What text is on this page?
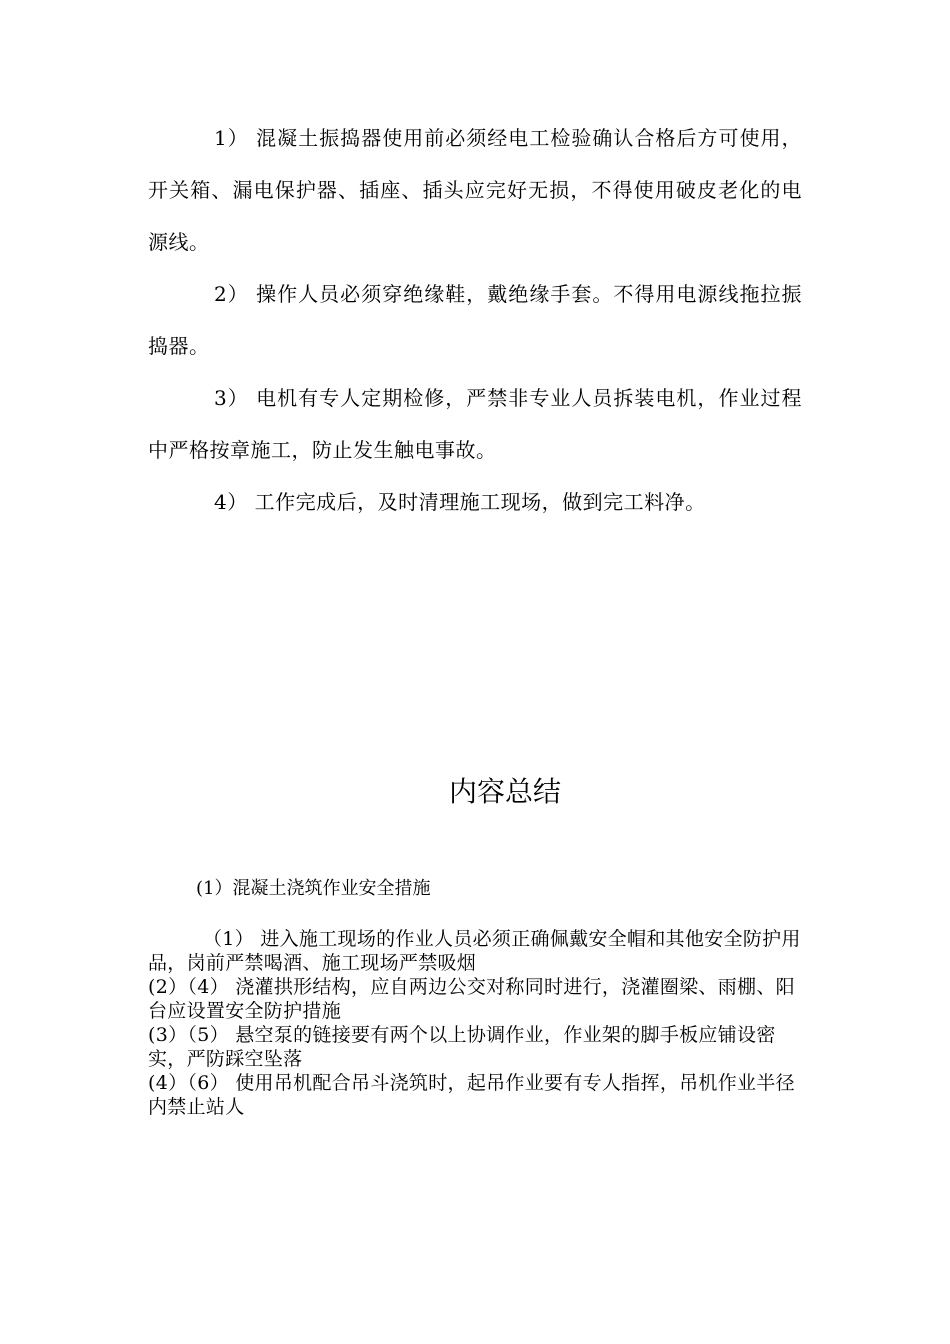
1） 混凝土振捣器使用前必须经电工检验确认合格后方可使用，开关箱、漏电保护器、插座、插头应完好无损，不得使用破皮老化的电源线。

2） 操作人员必须穿绝缘鞋，戴绝缘手套。不得用电源线拖拉振捣器。

3） 电机有专人定期检修，严禁非专业人员拆装电机，作业过程中严格按章施工，防止发生触电事故。

4） 工作完成后，及时清理施工现场，做到完工料净。

内容总结

(1）混凝土浇筑作业安全措施

（1） 进入施工现场的作业人员必须正确佩戴安全帽和其他安全防护用品，岗前严禁喝酒、施工现场严禁吸烟

(2）（4） 浇灌拱形结构，应自两边公交对称同时进行，浇灌圈梁、雨棚、阳台应设置安全防护措施

(3）（5） 悬空泵的链接要有两个以上协调作业，作业架的脚手板应铺设密实，严防踩空坠落

(4）（6） 使用吊机配合吊斗浇筑时，起吊作业要有专人指挥，吊机作业半径内禁止站人
